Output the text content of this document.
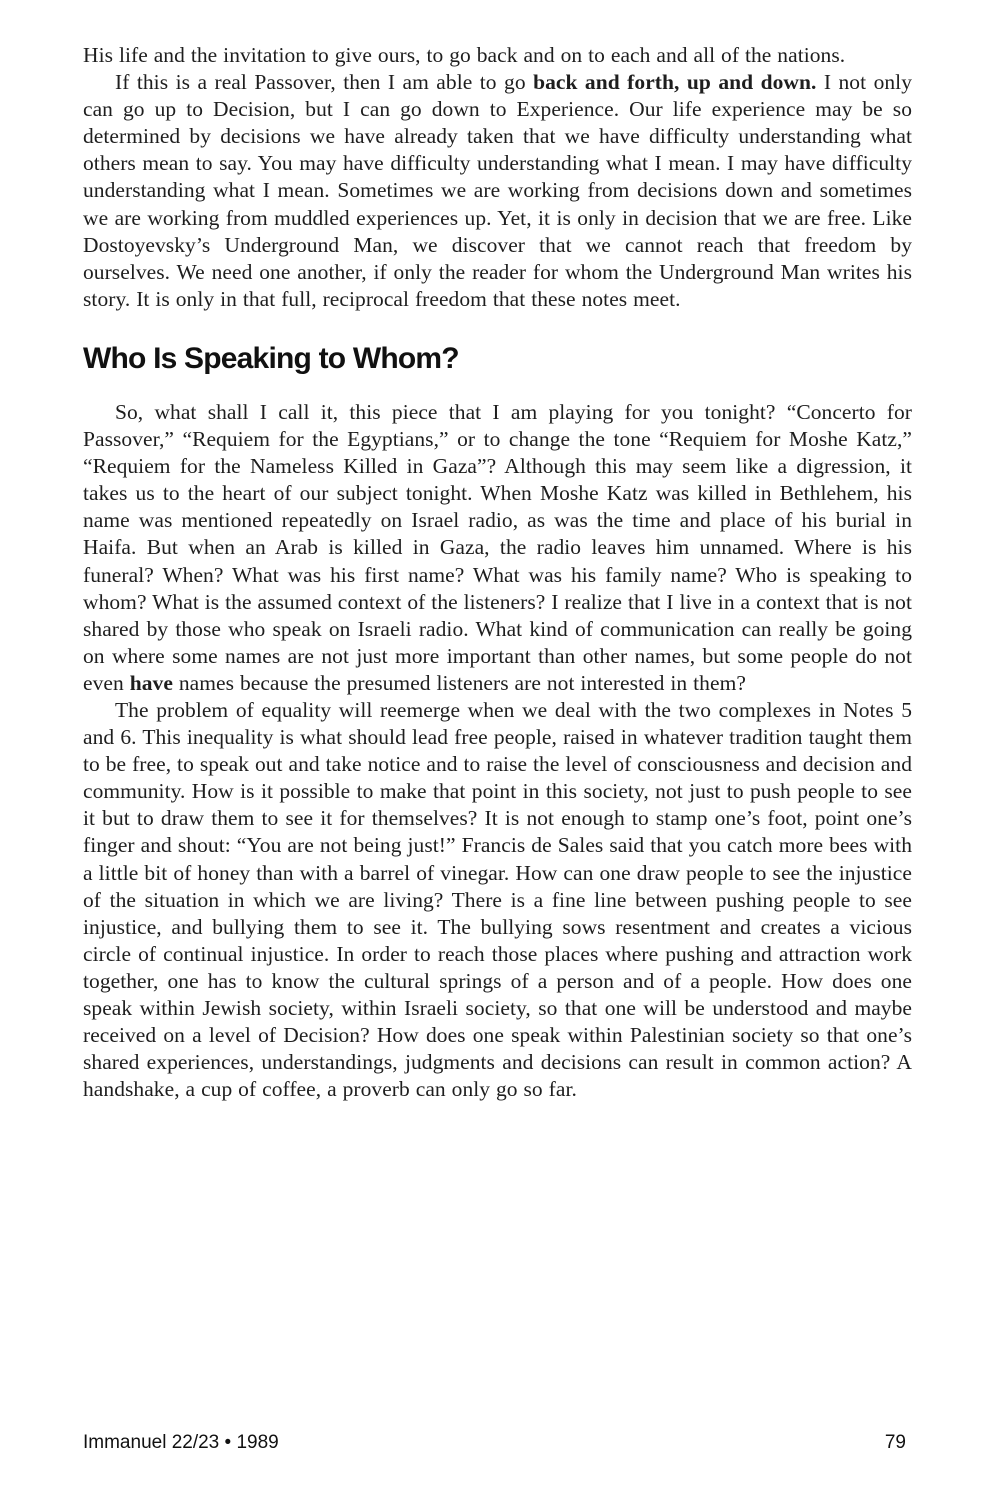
His life and the invitation to give ours, to go back and on to each and all of the nations.

If this is a real Passover, then I am able to go back and forth, up and down. I not only can go up to Decision, but I can go down to Experience. Our life experience may be so determined by decisions we have already taken that we have difficulty understanding what others mean to say. You may have difficulty understanding what I mean. I may have difficulty understanding what I mean. Sometimes we are working from decisions down and sometimes we are working from muddled experiences up. Yet, it is only in decision that we are free. Like Dostoyevsky’s Underground Man, we discover that we cannot reach that freedom by ourselves. We need one another, if only the reader for whom the Underground Man writes his story. It is only in that full, reciprocal freedom that these notes meet.

Who Is Speaking to Whom?

So, what shall I call it, this piece that I am playing for you tonight? “Concerto for Passover,” “Requiem for the Egyptians,” or to change the tone “Requiem for Moshe Katz,” “Requiem for the Nameless Killed in Gaza”? Although this may seem like a digression, it takes us to the heart of our subject tonight. When Moshe Katz was killed in Bethlehem, his name was mentioned repeatedly on Israel radio, as was the time and place of his burial in Haifa. But when an Arab is killed in Gaza, the radio leaves him unnamed. Where is his funeral? When? What was his first name? What was his family name? Who is speaking to whom? What is the assumed context of the listeners? I realize that I live in a context that is not shared by those who speak on Israeli radio. What kind of communication can really be going on where some names are not just more important than other names, but some people do not even have names because the presumed listeners are not interested in them?

The problem of equality will reemerge when we deal with the two complexes in Notes 5 and 6. This inequality is what should lead free people, raised in whatever tradition taught them to be free, to speak out and take notice and to raise the level of consciousness and decision and community. How is it possible to make that point in this society, not just to push people to see it but to draw them to see it for themselves? It is not enough to stamp one’s foot, point one’s finger and shout: “You are not being just!” Francis de Sales said that you catch more bees with a little bit of honey than with a barrel of vinegar. How can one draw people to see the injustice of the situation in which we are living? There is a fine line between pushing people to see injustice, and bullying them to see it. The bullying sows resentment and creates a vicious circle of continual injustice. In order to reach those places where pushing and attraction work together, one has to know the cultural springs of a person and of a people. How does one speak within Jewish society, within Israeli society, so that one will be understood and maybe received on a level of Decision? How does one speak within Palestinian society so that one’s shared experiences, understandings, judgments and decisions can result in common action? A handshake, a cup of coffee, a proverb can only go so far.

Immanuel 22/23 • 1989	79
